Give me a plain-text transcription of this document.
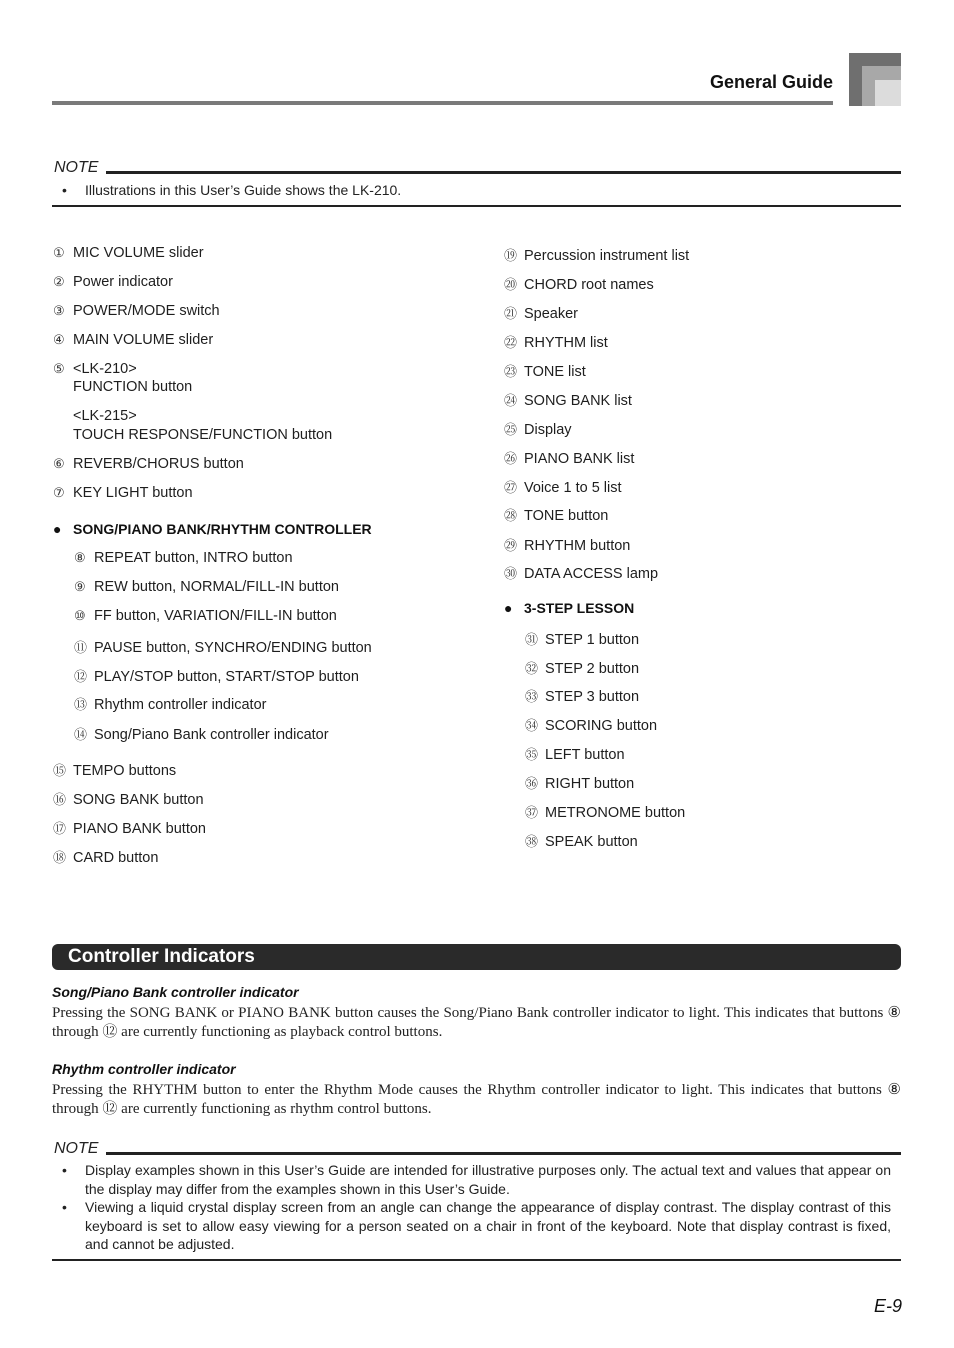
General Guide
NOTE
• Illustrations in this User’s Guide shows the LK-210.
① MIC VOLUME slider
② Power indicator
③ POWER/MODE switch
④ MAIN VOLUME slider
⑤ <LK-210>
FUNCTION button
<LK-215>
TOUCH RESPONSE/FUNCTION button
⑥ REVERB/CHORUS button
⑦ KEY LIGHT button
● SONG/PIANO BANK/RHYTHM CONTROLLER
⑧ REPEAT button, INTRO button
⑨ REW button, NORMAL/FILL-IN button
⑩ FF button, VARIATION/FILL-IN button
⑪ PAUSE button, SYNCHRO/ENDING button
⑫ PLAY/STOP button, START/STOP button
⑬ Rhythm controller indicator
⑭ Song/Piano Bank controller indicator
⑮ TEMPO buttons
⑯ SONG BANK button
⑰ PIANO BANK button
⑱ CARD button
⑲ Percussion instrument list
⑳ CHORD root names
㉑ Speaker
㉒ RHYTHM list
㉓ TONE list
㉔ SONG BANK list
㉕ Display
㉖ PIANO BANK list
㉗ Voice 1 to 5 list
㉘ TONE button
㉙ RHYTHM button
㉚ DATA ACCESS lamp
● 3-STEP LESSON
㉛ STEP 1 button
㉜ STEP 2 button
㉝ STEP 3 button
㉞ SCORING button
㉟ LEFT button
㊱ RIGHT button
㊲ METRONOME button
㊳ SPEAK button
Controller Indicators
Song/Piano Bank controller indicator
Pressing the SONG BANK or PIANO BANK button causes the Song/Piano Bank controller indicator to light. This indicates that buttons ⑧ through ⑫ are currently functioning as playback control buttons.
Rhythm controller indicator
Pressing the RHYTHM button to enter the Rhythm Mode causes the Rhythm controller indicator to light. This indicates that buttons ⑧ through ⑫ are currently functioning as rhythm control buttons.
NOTE
• Display examples shown in this User’s Guide are intended for illustrative purposes only. The actual text and values that appear on the display may differ from the examples shown in this User’s Guide.
• Viewing a liquid crystal display screen from an angle can change the appearance of display contrast. The display contrast of this keyboard is set to allow easy viewing for a person seated on a chair in front of the keyboard. Note that display contrast is fixed, and cannot be adjusted.
E-9
